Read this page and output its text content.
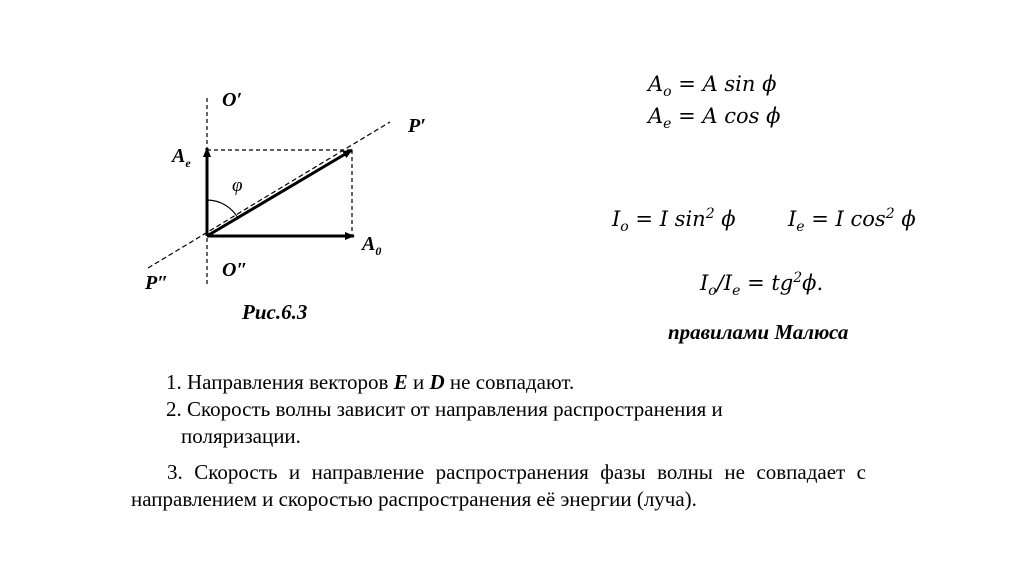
O′
P′
$A_e$
φ
$A_0$
O″
P″
Рис.6.3
$A_o = A$ sin ϕ
$A_e = A$ cos ϕ
$I_o = I$ $\sin^2 \phi$ $I_e = I$ $\cos^2 \phi$
$I_o/I_e = tg^2\phi$.
правилами Малюса
1. Направления векторов E и D не совпадают.
2. Скорость волны зависит от направления распространения и
поляризации.
3. Скорость и направление распространения фазы волны не совпадает с направлением и скоростью распространения её энергии (луча).
